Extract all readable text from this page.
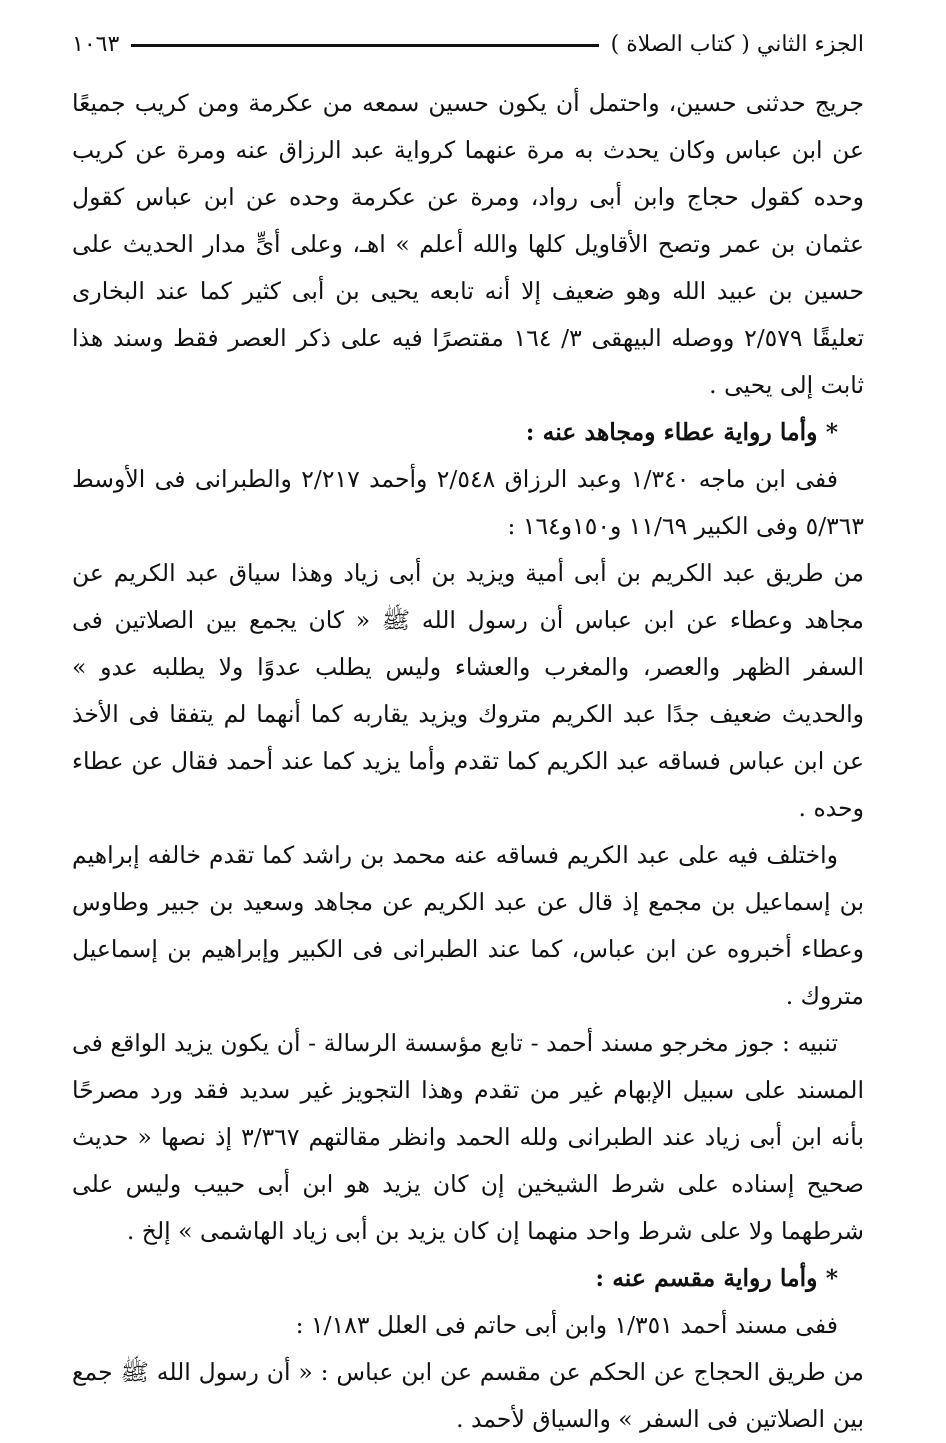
الجزء الثاني ( كتاب الصلاة )
١٠٦٣

جريج حدثنى حسين، واحتمل أن يكون حسين سمعه من عكرمة ومن كريب جميعًا عن ابن عباس وكان يحدث به مرة عنهما كرواية عبد الرزاق عنه ومرة عن كريب وحده كقول حجاج وابن أبى رواد، ومرة عن عكرمة وحده عن ابن عباس كقول عثمان بن عمر وتصح الأقاويل كلها والله أعلم » اهـ، وعلى أىٍّ مدار الحديث على حسين بن عبيد الله وهو ضعيف إلا أنه تابعه يحيى بن أبى كثير كما عند البخارى تعليقًا ٢/٥٧٩ ووصله البيهقى ٣/ ١٦٤ مقتصرًا فيه على ذكر العصر فقط وسند هذا ثابت إلى يحيى .

* وأما رواية عطاء ومجاهد عنه :

ففى ابن ماجه ١/٣٤٠ وعبد الرزاق ٢/٥٤٨ وأحمد ٢/٢١٧ والطبرانى فى الأوسط ٥/٣٦٣ وفى الكبير ١١/٦٩ و١٥٠و١٦٤ :

من طريق عبد الكريم بن أبى أمية ويزيد بن أبى زياد وهذا سياق عبد الكريم عن مجاهد وعطاء عن ابن عباس أن رسول الله ﷺ « كان يجمع بين الصلاتين فى السفر الظهر والعصر، والمغرب والعشاء وليس يطلب عدوًا ولا يطلبه عدو » والحديث ضعيف جدًا عبد الكريم متروك ويزيد يقاربه كما أنهما لم يتفقا فى الأخذ عن ابن عباس فساقه عبد الكريم كما تقدم وأما يزيد كما عند أحمد فقال عن عطاء وحده .

واختلف فيه على عبد الكريم فساقه عنه محمد بن راشد كما تقدم خالفه إبراهيم بن إسماعيل بن مجمع إذ قال عن عبد الكريم عن مجاهد وسعيد بن جبير وطاوس وعطاء أخبروه عن ابن عباس، كما عند الطبرانى فى الكبير وإبراهيم بن إسماعيل متروك .

تنبيه : جوز مخرجو مسند أحمد - تابع مؤسسة الرسالة - أن يكون يزيد الواقع فى المسند على سبيل الإبهام غير من تقدم وهذا التجويز غير سديد فقد ورد مصرحًا بأنه ابن أبى زياد عند الطبرانى ولله الحمد وانظر مقالتهم ٣/٣٦٧ إذ نصها « حديث صحيح إسناده على شرط الشيخين إن كان يزيد هو ابن أبى حبيب وليس على شرطهما ولا على شرط واحد منهما إن كان يزيد بن أبى زياد الهاشمى » إلخ .

* وأما رواية مقسم عنه :

ففى مسند أحمد ١/٣٥١ وابن أبى حاتم فى العلل ١/١٨٣ :

من طريق الحجاج عن الحكم عن مقسم عن ابن عباس : « أن رسول الله ﷺ جمع بين الصلاتين فى السفر » والسياق لأحمد .
